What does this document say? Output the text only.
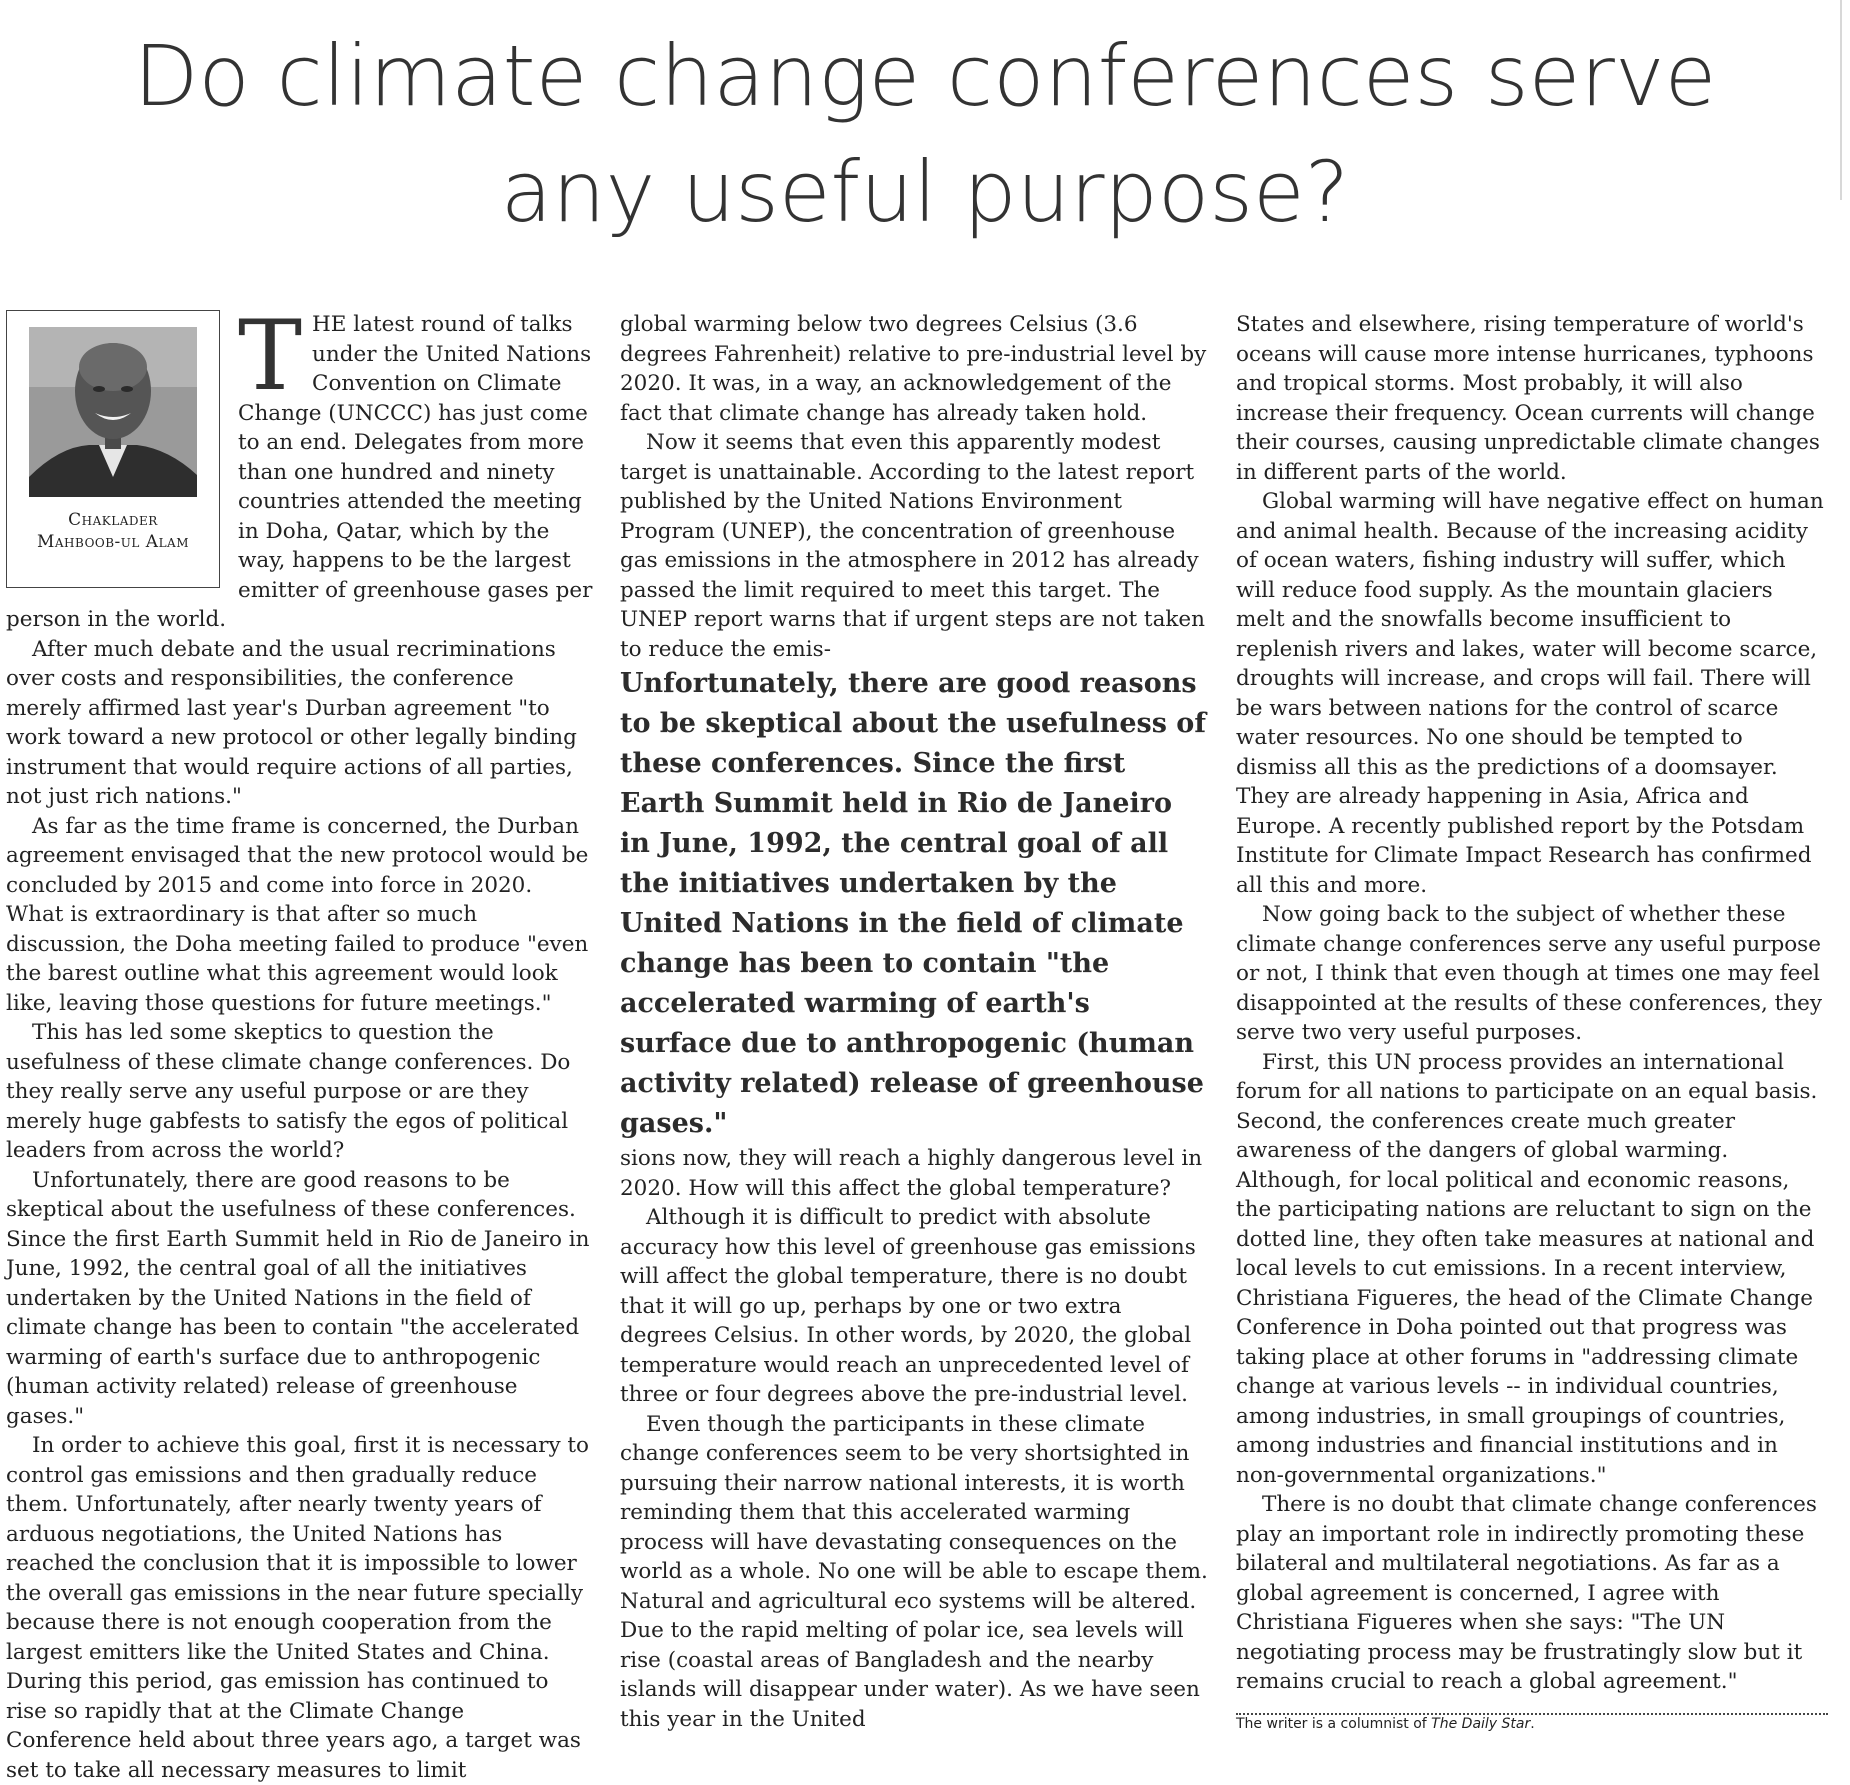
Do climate change conferences serve any useful purpose?
Chaklader
Mahboob-ul Alam

THE latest round of talks under the United Nations Convention on Climate Change (UNCCC) has just come to an end. Delegates from more than one hundred and ninety countries attended the meeting in Doha, Qatar, which by the way, happens to be the largest emitter of greenhouse gases per person in the world.

After much debate and the usual recriminations over costs and responsibilities, the conference merely affirmed last year's Durban agreement "to work toward a new protocol or other legally binding instrument that would require actions of all parties, not just rich nations."

As far as the time frame is concerned, the Durban agreement envisaged that the new protocol would be concluded by 2015 and come into force in 2020. What is extraordinary is that after so much discussion, the Doha meeting failed to produce "even the barest outline what this agreement would look like, leaving those questions for future meetings."

This has led some skeptics to question the usefulness of these climate change conferences. Do they really serve any useful purpose or are they merely huge gabfests to satisfy the egos of political leaders from across the world?

Unfortunately, there are good reasons to be skeptical about the usefulness of these conferences. Since the first Earth Summit held in Rio de Janeiro in June, 1992, the central goal of all the initiatives undertaken by the United Nations in the field of climate change has been to contain "the accelerated warming of earth's surface due to anthropogenic (human activity related) release of greenhouse gases."

In order to achieve this goal, first it is necessary to control gas emissions and then gradually reduce them. Unfortunately, after nearly twenty years of arduous negotiations, the United Nations has reached the conclusion that it is impossible to lower the overall gas emissions in the near future specially because there is not enough cooperation from the largest emitters like the United States and China. During this period, gas emission has continued to rise so rapidly that at the Climate Change Conference held about three years ago, a target was set to take all necessary measures to limit

global warming below two degrees Celsius (3.6 degrees Fahrenheit) relative to pre-industrial level by 2020. It was, in a way, an acknowledgement of the fact that climate change has already taken hold.

Now it seems that even this apparently modest target is unattainable. According to the latest report published by the United Nations Environment Program (UNEP), the concentration of greenhouse gas emissions in the atmosphere in 2012 has already passed the limit required to meet this target. The UNEP report warns that if urgent steps are not taken to reduce the emis-

Unfortunately, there are good reasons to be skeptical about the usefulness of these conferences. Since the first Earth Summit held in Rio de Janeiro in June, 1992, the central goal of all the initiatives undertaken by the United Nations in the field of climate change has been to contain "the accelerated warming of earth's surface due to anthropogenic (human activity related) release of greenhouse gases."

sions now, they will reach a highly dangerous level in 2020. How will this affect the global temperature?

Although it is difficult to predict with absolute accuracy how this level of greenhouse gas emissions will affect the global temperature, there is no doubt that it will go up, perhaps by one or two extra degrees Celsius. In other words, by 2020, the global temperature would reach an unprecedented level of three or four degrees above the pre-industrial level.

Even though the participants in these climate change conferences seem to be very shortsighted in pursuing their narrow national interests, it is worth reminding them that this accelerated warming process will have devastating consequences on the world as a whole. No one will be able to escape them. Natural and agricultural eco systems will be altered. Due to the rapid melting of polar ice, sea levels will rise (coastal areas of Bangladesh and the nearby islands will disappear under water). As we have seen this year in the United

States and elsewhere, rising temperature of world's oceans will cause more intense hurricanes, typhoons and tropical storms. Most probably, it will also increase their frequency. Ocean currents will change their courses, causing unpredictable climate changes in different parts of the world.

Global warming will have negative effect on human and animal health. Because of the increasing acidity of ocean waters, fishing industry will suffer, which will reduce food supply. As the mountain glaciers melt and the snowfalls become insufficient to replenish rivers and lakes, water will become scarce, droughts will increase, and crops will fail. There will be wars between nations for the control of scarce water resources. No one should be tempted to dismiss all this as the predictions of a doomsayer. They are already happening in Asia, Africa and Europe. A recently published report by the Potsdam Institute for Climate Impact Research has confirmed all this and more.

Now going back to the subject of whether these climate change conferences serve any useful purpose or not, I think that even though at times one may feel disappointed at the results of these conferences, they serve two very useful purposes.

First, this UN process provides an international forum for all nations to participate on an equal basis. Second, the conferences create much greater awareness of the dangers of global warming. Although, for local political and economic reasons, the participating nations are reluctant to sign on the dotted line, they often take measures at national and local levels to cut emissions. In a recent interview, Christiana Figueres, the head of the Climate Change Conference in Doha pointed out that progress was taking place at other forums in "addressing climate change at various levels -- in individual countries, among industries, in small groupings of countries, among industries and financial institutions and in non-governmental organizations."

There is no doubt that climate change conferences play an important role in indirectly promoting these bilateral and multilateral negotiations. As far as a global agreement is concerned, I agree with Christiana Figueres when she says: "The UN negotiating process may be frustratingly slow but it remains crucial to reach a global agreement."

The writer is a columnist of The Daily Star.
